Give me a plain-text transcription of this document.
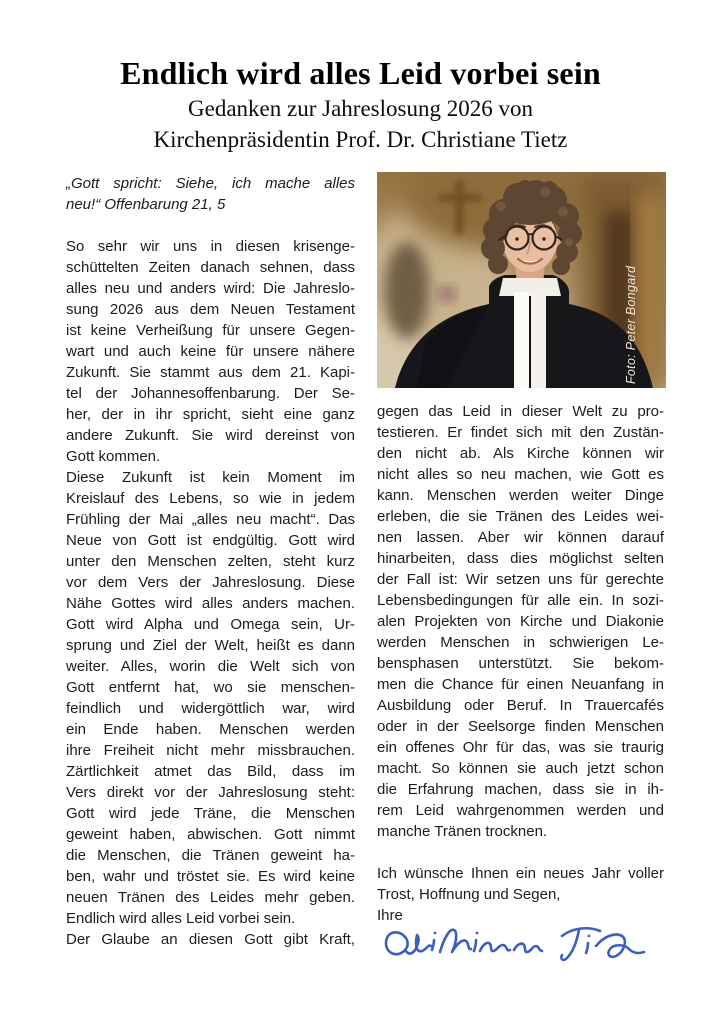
Endlich wird alles Leid vorbei sein
Gedanken zur Jahreslosung 2026 von
Kirchenpräsidentin Prof. Dr. Christiane Tietz
Foto: Peter Bongard
„Gott spricht: Siehe, ich mache alles
neu!“ Offenbarung 21, 5
So sehr wir uns in diesen krisenge-
schüttelten Zeiten danach sehnen, dass
alles neu und anders wird: Die Jahreslo-
sung 2026 aus dem Neuen Testament
ist keine Verheißung für unsere Gegen-
wart und auch keine für unsere nähere
Zukunft. Sie stammt aus dem 21. Kapi-
tel der Johannesoffenbarung. Der Se-
her, der in ihr spricht, sieht eine ganz
andere Zukunft. Sie wird dereinst von
Gott kommen.
Diese Zukunft ist kein Moment im
Kreislauf des Lebens, so wie in jedem
Frühling der Mai „alles neu macht“. Das
Neue von Gott ist endgültig. Gott wird
unter den Menschen zelten, steht kurz
vor dem Vers der Jahreslosung. Diese
Nähe Gottes wird alles anders machen.
Gott wird Alpha und Omega sein, Ur-
sprung und Ziel der Welt, heißt es dann
weiter. Alles, worin die Welt sich von
Gott entfernt hat, wo sie menschen-
feindlich und widergöttlich war, wird
ein Ende haben. Menschen werden
ihre Freiheit nicht mehr missbrauchen.
Zärtlichkeit atmet das Bild, dass im
Vers direkt vor der Jahreslosung steht:
Gott wird jede Träne, die Menschen
geweint haben, abwischen. Gott nimmt
die Menschen, die Tränen geweint ha-
ben, wahr und tröstet sie. Es wird keine
neuen Tränen des Leides mehr geben.
Endlich wird alles Leid vorbei sein.
Der Glaube an diesen Gott gibt Kraft,
gegen das Leid in dieser Welt zu pro-
testieren. Er findet sich mit den Zustän-
den nicht ab. Als Kirche können wir
nicht alles so neu machen, wie Gott es
kann. Menschen werden weiter Dinge
erleben, die sie Tränen des Leides wei-
nen lassen. Aber wir können darauf
hinarbeiten, dass dies möglichst selten
der Fall ist: Wir setzen uns für gerechte
Lebensbedingungen für alle ein. In sozi-
alen Projekten von Kirche und Diakonie
werden Menschen in schwierigen Le-
bensphasen unterstützt. Sie bekom-
men die Chance für einen Neuanfang in
Ausbildung oder Beruf. In Trauercafés
oder in der Seelsorge finden Menschen
ein offenes Ohr für das, was sie traurig
macht. So können sie auch jetzt schon
die Erfahrung machen, dass sie in ih-
rem Leid wahrgenommen werden und
manche Tränen trocknen.
Ich wünsche Ihnen ein neues Jahr voller
Trost, Hoffnung und Segen,
Ihre
